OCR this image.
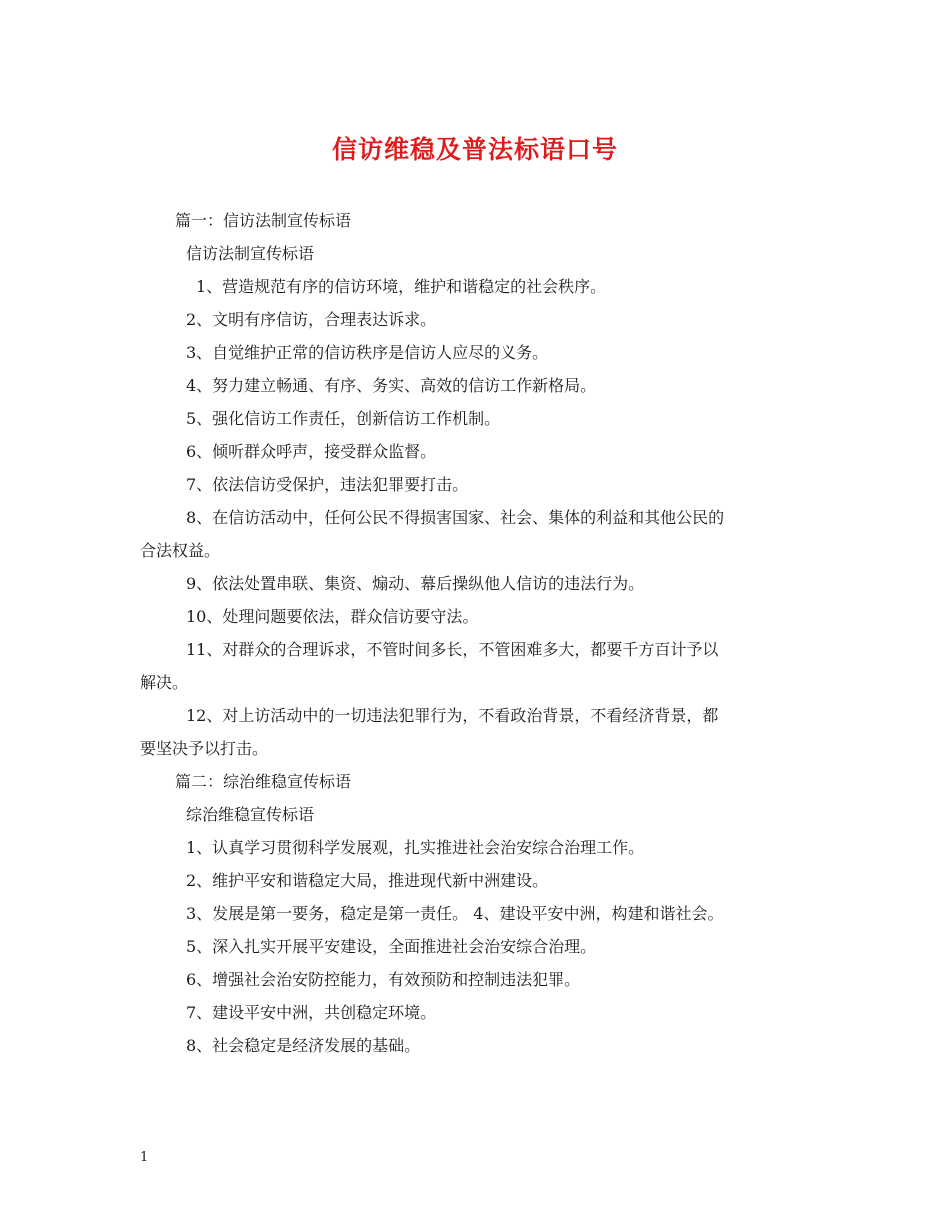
信访维稳及普法标语口号
篇一：信访法制宣传标语
信访法制宣传标语
1、营造规范有序的信访环境，维护和谐稳定的社会秩序。
2、文明有序信访，合理表达诉求。
3、自觉维护正常的信访秩序是信访人应尽的义务。
4、努力建立畅通、有序、务实、高效的信访工作新格局。
5、强化信访工作责任，创新信访工作机制。
6、倾听群众呼声，接受群众监督。
7、依法信访受保护，违法犯罪要打击。
8、在信访活动中，任何公民不得损害国家、社会、集体的利益和其他公民的
合法权益。
9、依法处置串联、集资、煽动、幕后操纵他人信访的违法行为。
10、处理问题要依法，群众信访要守法。
11、对群众的合理诉求，不管时间多长，不管困难多大，都要千方百计予以
解决。
12、对上访活动中的一切违法犯罪行为，不看政治背景，不看经济背景，都
要坚决予以打击。
篇二：综治维稳宣传标语
综治维稳宣传标语
1、认真学习贯彻科学发展观，扎实推进社会治安综合治理工作。
2、维护平安和谐稳定大局，推进现代新中洲建设。
3、发展是第一要务，稳定是第一责任。 4、建设平安中洲，构建和谐社会。
5、深入扎实开展平安建设，全面推进社会治安综合治理。
6、增强社会治安防控能力，有效预防和控制违法犯罪。
7、建设平安中洲，共创稳定环境。
8、社会稳定是经济发展的基础。
1
